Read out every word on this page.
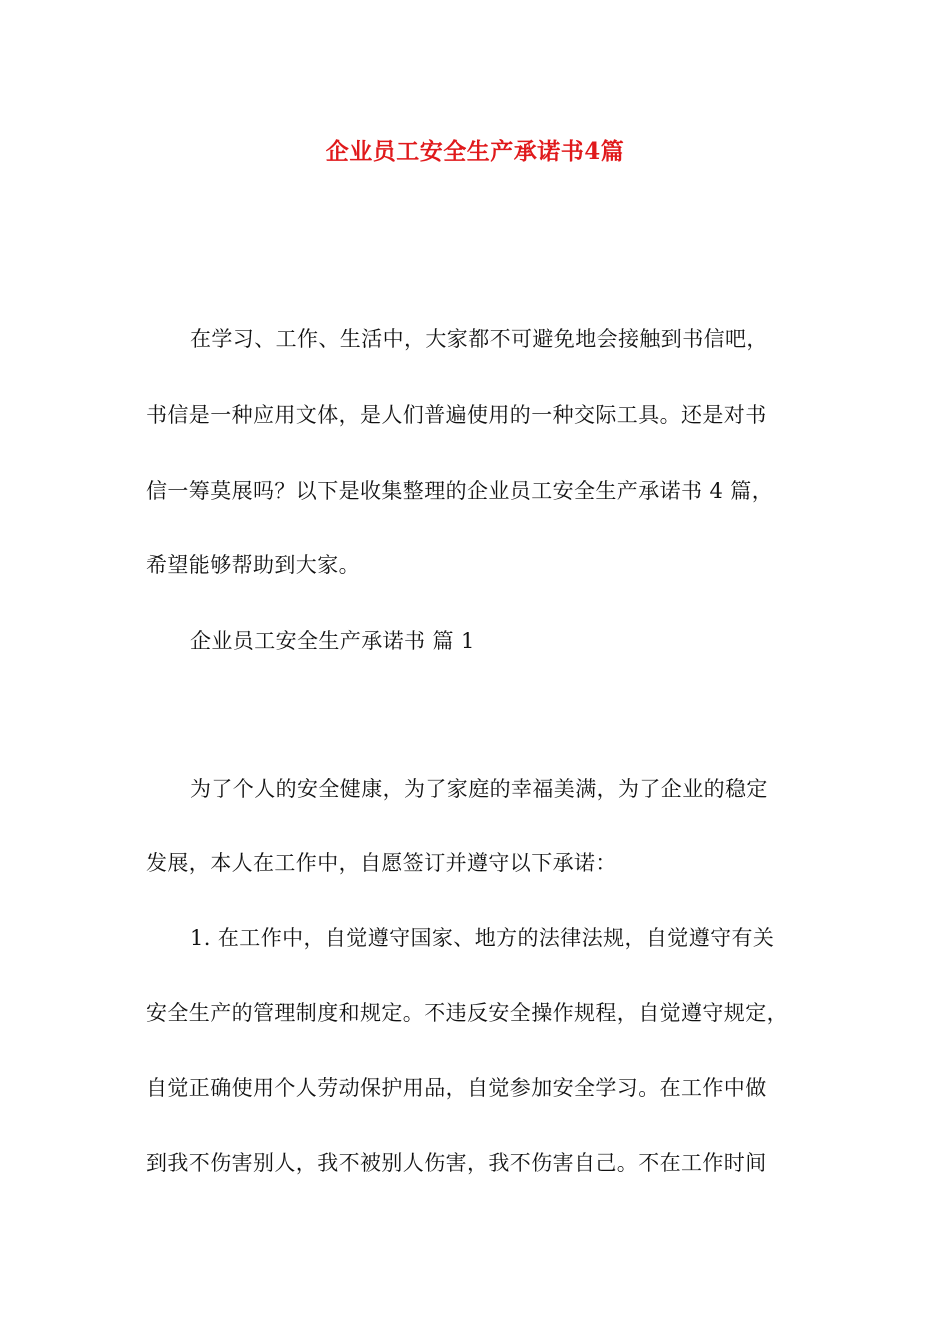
企业员工安全生产承诺书4篇
在学习、工作、生活中，大家都不可避免地会接触到书信吧，
书信是一种应用文体，是人们普遍使用的一种交际工具。还是对书
信一筹莫展吗？以下是收集整理的企业员工安全生产承诺书 4 篇，
希望能够帮助到大家。
企业员工安全生产承诺书 篇 1
为了个人的安全健康，为了家庭的幸福美满，为了企业的稳定
发展，本人在工作中，自愿签订并遵守以下承诺：
1. 在工作中，自觉遵守国家、地方的法律法规，自觉遵守有关
安全生产的管理制度和规定。不违反安全操作规程，自觉遵守规定，
自觉正确使用个人劳动保护用品，自觉参加安全学习。在工作中做
到我不伤害别人，我不被别人伤害，我不伤害自己。不在工作时间
